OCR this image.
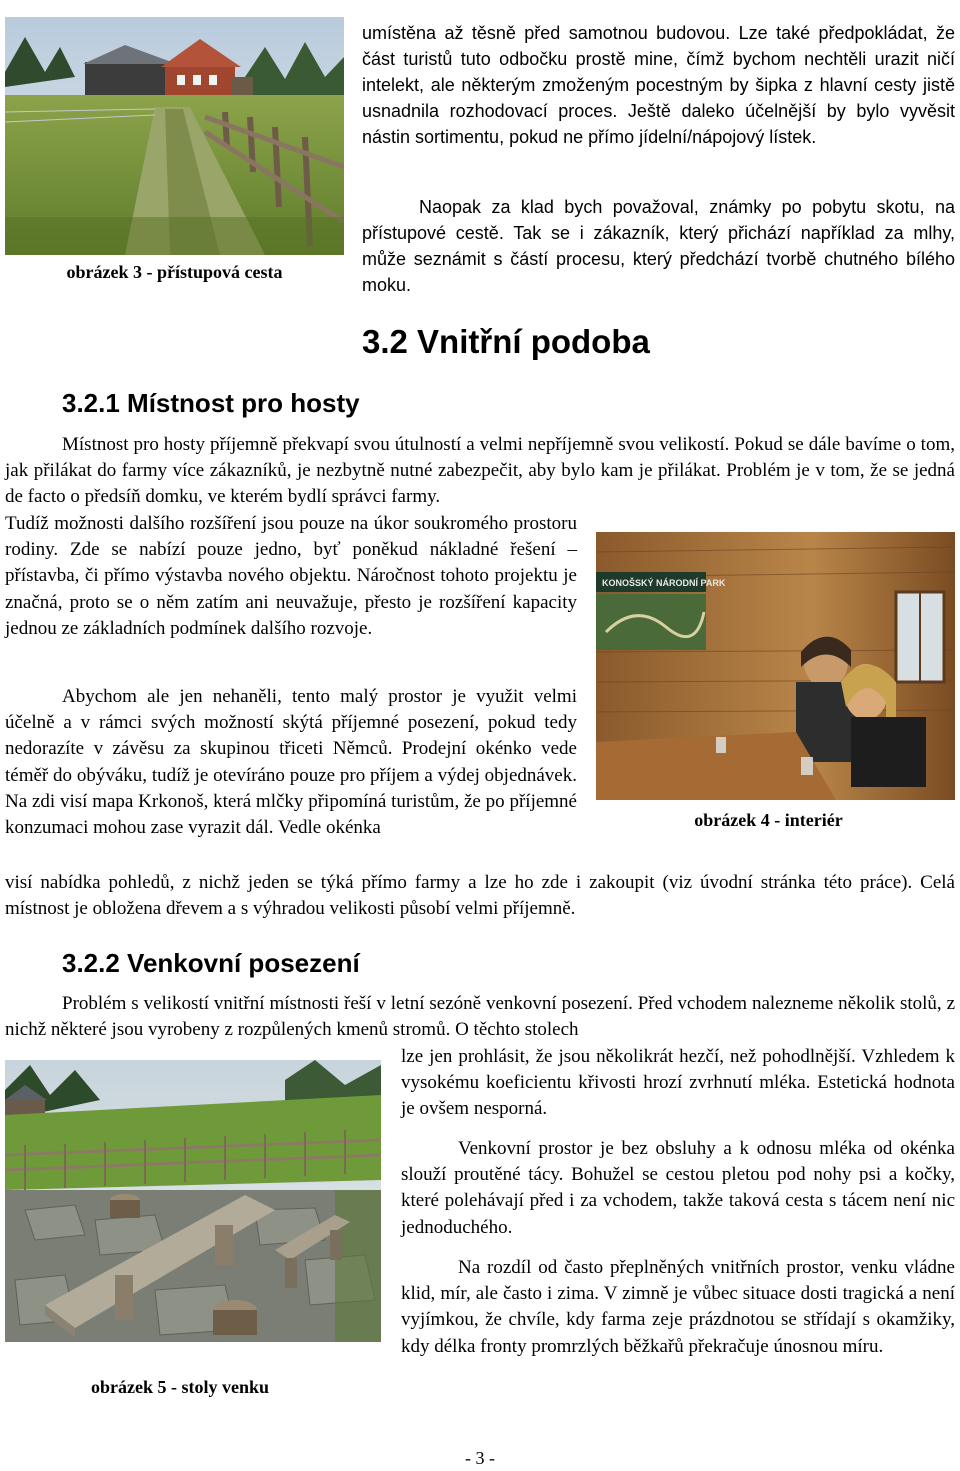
obrázek 3 - přístupová cesta

umístěna až těsně před samotnou budovou. Lze také předpokládat, že část turistů tuto odbočku prostě mine, čímž bychom nechtěli urazit ničí intelekt, ale některým zmoženým pocestným by šipka z hlavní cesty jistě usnadnila rozhodovací proces. Ještě daleko účelnější by bylo vyvěsit nástin sortimentu, pokud ne přímo jídelní/nápojový lístek.

Naopak za klad bych považoval, známky po pobytu skotu, na přístupové cestě. Tak se i zákazník, který přichází například za mlhy, může seznámit s částí procesu, který předchází tvorbě chutného bílého moku.

3.2 Vnitřní podoba
3.2.1 Místnost pro hosty

Místnost pro hosty příjemně překvapí svou útulností a velmi nepříjemně svou velikostí. Pokud se dále bavíme o tom, jak přilákat do farmy více zákazníků, je nezbytně nutné zabezpečit, aby bylo kam je přilákat. Problém je v tom, že se jedná de facto o předsíň domku, ve kterém bydlí správci farmy.

Tudíž možnosti dalšího rozšíření jsou pouze na úkor soukromého prostoru rodiny. Zde se nabízí pouze jedno, byť poněkud nákladné řešení – přístavba, či přímo výstavba nového objektu. Náročnost tohoto projektu je značná, proto se o něm zatím ani neuvažuje, přesto je rozšíření kapacity jednou ze základních podmínek dalšího rozvoje.

Abychom ale jen nehaněli, tento malý prostor je využit velmi účelně a v rámci svých možností skýtá příjemné posezení, pokud tedy nedorazíte v závěsu za skupinou třiceti Němců. Prodejní okénko vede téměř do obýváku, tudíž je otevíráno pouze pro příjem a výdej objednávek. Na zdi visí mapa Krkonoš, která mlčky připomíná turistům, že po příjemné konzumaci mohou zase vyrazit dál. Vedle okénka

visí nabídka pohledů, z nichž jeden se týká přímo farmy a lze ho zde i zakoupit (viz úvodní stránka této práce). Celá místnost je obložena dřevem a s výhradou velikosti působí velmi příjemně.

KONOŠSKÝ NÁRODNÍ PARK

obrázek 4 - interiér

3.2.2 Venkovní posezení

Problém s velikostí vnitřní místnosti řeší v letní sezóně venkovní posezení. Před vchodem nalezneme několik stolů, z nichž některé jsou vyrobeny z rozpůlených kmenů stromů. O těchto stolech

lze jen prohlásit, že jsou několikrát hezčí, než pohodlnější. Vzhledem k vysokému koeficientu křivosti hrozí zvrhnutí mléka. Estetická hodnota je ovšem nesporná.

Venkovní prostor je bez obsluhy a k odnosu mléka od okénka slouží proutěné tácy. Bohužel se cestou pletou pod nohy psi a kočky, které polehávají před i za vchodem, takže taková cesta s tácem není nic jednoduchého.

Na rozdíl od často přeplněných vnitřních prostor, venku vládne klid, mír, ale často i zima. V zimně je vůbec situace dosti tragická a není vyjímkou, že chvíle, kdy farma zeje prázdnotou se střídají s okamžiky, kdy délka fronty promrzlých běžkařů překračuje únosnou míru.

obrázek 5 - stoly venku

- 3 -
